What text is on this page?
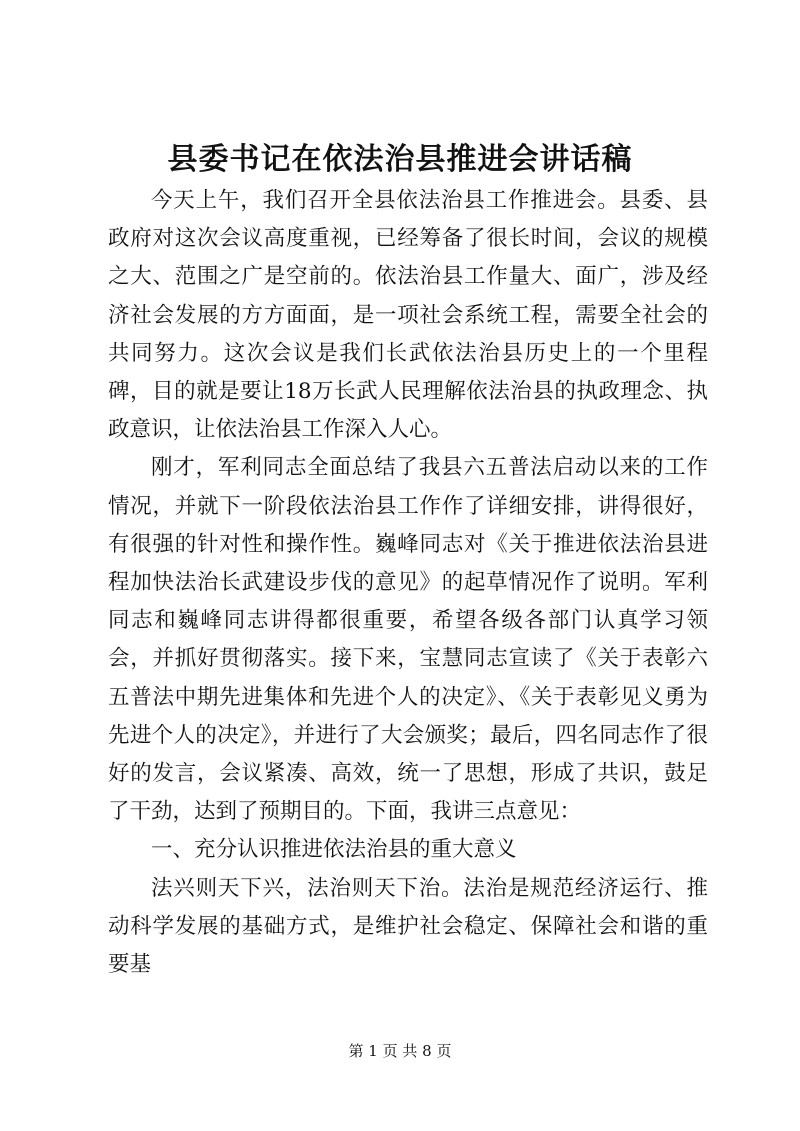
县委书记在依法治县推进会讲话稿

今天上午，我们召开全县依法治县工作推进会。县委、县政府对这次会议高度重视，已经筹备了很长时间，会议的规模之大、范围之广是空前的。依法治县工作量大、面广，涉及经济社会发展的方方面面，是一项社会系统工程，需要全社会的共同努力。这次会议是我们长武依法治县历史上的一个里程碑，目的就是要让18万长武人民理解依法治县的执政理念、执政意识，让依法治县工作深入人心。

刚才，军利同志全面总结了我县六五普法启动以来的工作情况，并就下一阶段依法治县工作作了详细安排，讲得很好，有很强的针对性和操作性。巍峰同志对《关于推进依法治县进程加快法治长武建设步伐的意见》的起草情况作了说明。军利同志和巍峰同志讲得都很重要，希望各级各部门认真学习领会，并抓好贯彻落实。接下来，宝慧同志宣读了《关于表彰六五普法中期先进集体和先进个人的决定》、《关于表彰见义勇为先进个人的决定》，并进行了大会颁奖；最后，四名同志作了很好的发言，会议紧凑、高效，统一了思想，形成了共识，鼓足了干劲，达到了预期目的。下面，我讲三点意见：

一、充分认识推进依法治县的重大意义

法兴则天下兴，法治则天下治。法治是规范经济运行、推动科学发展的基础方式，是维护社会稳定、保障社会和谐的重要基

第 1 页 共 8 页
